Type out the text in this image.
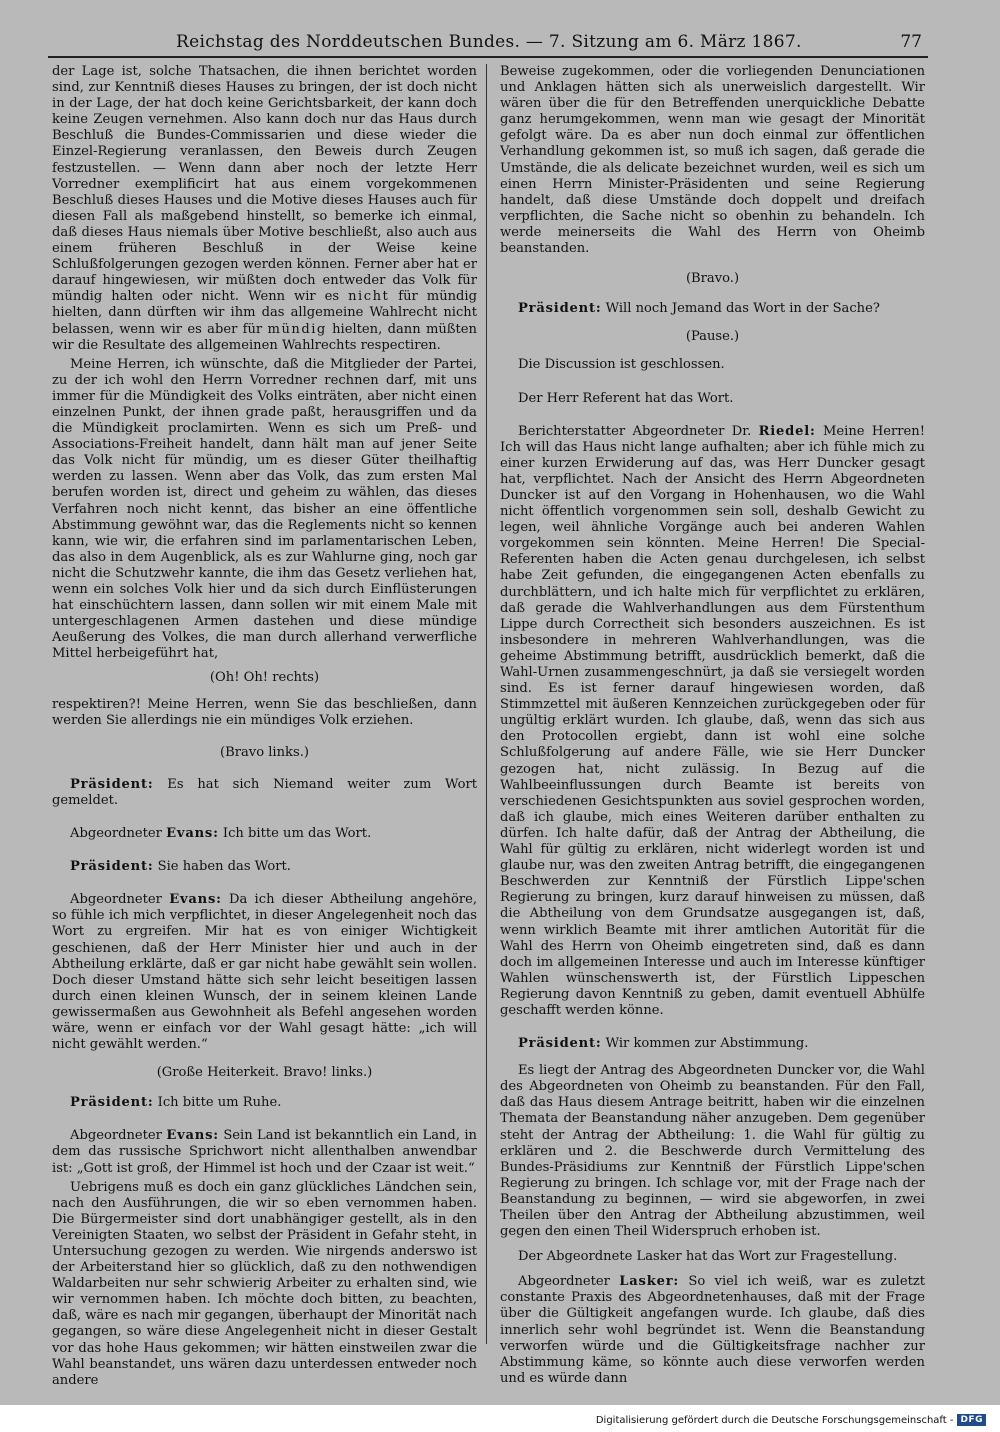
Reichstag des Norddeutschen Bundes. — 7. Sitzung am 6. März 1867.	77

der Lage ist, solche Thatsachen, die ihnen berichtet worden sind, zur Kenntniß dieses Hauses zu bringen, der ist doch nicht in der Lage, der hat doch keine Gerichtsbarkeit, der kann doch keine Zeugen vernehmen. Also kann doch nur das Haus durch Beschluß die Bundes-Commissarien und diese wieder die Einzel-Regierung veranlassen, den Beweis durch Zeugen festzustellen. — Wenn dann aber noch der letzte Herr Vorredner exemplificirt hat aus einem vorgekommenen Beschluß dieses Hauses und die Motive dieses Hauses auch für diesen Fall als maßgebend hinstellt, so bemerke ich einmal, daß dieses Haus niemals über Motive beschließt, also auch aus einem früheren Beschluß in der Weise keine Schlußfolgerungen gezogen werden können. Ferner aber hat er darauf hingewiesen, wir müßten doch entweder das Volk für mündig halten oder nicht. Wenn wir es nicht für mündig hielten, dann dürften wir ihm das allgemeine Wahlrecht nicht belassen, wenn wir es aber für mündig hielten, dann müßten wir die Resultate des allgemeinen Wahlrechts respectiren.

Meine Herren, ich wünschte, daß die Mitglieder der Partei, zu der ich wohl den Herrn Vorredner rechnen darf, mit uns immer für die Mündigkeit des Volks einträten, aber nicht einen einzelnen Punkt, der ihnen grade paßt, herausgriffen und da die Mündigkeit proclamirten. Wenn es sich um Preß- und Associations-Freiheit handelt, dann hält man auf jener Seite das Volk nicht für mündig, um es dieser Güter theilhaftig werden zu lassen. Wenn aber das Volk, das zum ersten Mal berufen worden ist, direct und geheim zu wählen, das dieses Verfahren noch nicht kennt, das bisher an eine öffentliche Abstimmung gewöhnt war, das die Reglements nicht so kennen kann, wie wir, die erfahren sind im parlamentarischen Leben, das also in dem Augenblick, als es zur Wahlurne ging, noch gar nicht die Schutzwehr kannte, die ihm das Gesetz verliehen hat, wenn ein solches Volk hier und da sich durch Einflüsterungen hat einschüchtern lassen, dann sollen wir mit einem Male mit untergeschlagenen Armen dastehen und diese mündige Aeußerung des Volkes, die man durch allerhand verwerfliche Mittel herbeigeführt hat,

(Oh! Oh! rechts)

respektiren?! Meine Herren, wenn Sie das beschließen, dann werden Sie allerdings nie ein mündiges Volk erziehen.

(Bravo links.)

Präsident: Es hat sich Niemand weiter zum Wort gemeldet.

Abgeordneter Evans: Ich bitte um das Wort.

Präsident: Sie haben das Wort.

Abgeordneter Evans: Da ich dieser Abtheilung angehöre, so fühle ich mich verpflichtet, in dieser Angelegenheit noch das Wort zu ergreifen. Mir hat es von einiger Wichtigkeit geschienen, daß der Herr Minister hier und auch in der Abtheilung erklärte, daß er gar nicht habe gewählt sein wollen. Doch dieser Umstand hätte sich sehr leicht beseitigen lassen durch einen kleinen Wunsch, der in seinem kleinen Lande gewissermaßen aus Gewohnheit als Befehl angesehen worden wäre, wenn er einfach vor der Wahl gesagt hätte: „ich will nicht gewählt werden.“

(Große Heiterkeit. Bravo! links.)

Präsident: Ich bitte um Ruhe.

Abgeordneter Evans: Sein Land ist bekanntlich ein Land, in dem das russische Sprichwort nicht allenthalben anwendbar ist: „Gott ist groß, der Himmel ist hoch und der Czaar ist weit.“

Uebrigens muß es doch ein ganz glückliches Ländchen sein, nach den Ausführungen, die wir so eben vernommen haben. Die Bürgermeister sind dort unabhängiger gestellt, als in den Vereinigten Staaten, wo selbst der Präsident in Gefahr steht, in Untersuchung gezogen zu werden. Wie nirgends anderswo ist der Arbeiterstand hier so glücklich, daß zu den nothwendigen Waldarbeiten nur sehr schwierig Arbeiter zu erhalten sind, wie wir vernommen haben. Ich möchte doch bitten, zu beachten, daß, wäre es nach mir gegangen, überhaupt der Minorität nach gegangen, so wäre diese Angelegenheit nicht in dieser Gestalt vor das hohe Haus gekommen; wir hätten einstweilen zwar die Wahl beanstandet, uns wären dazu unterdessen entweder noch andere

Beweise zugekommen, oder die vorliegenden Denunciationen und Anklagen hätten sich als unerweislich dargestellt. Wir wären über die für den Betreffenden unerquickliche Debatte ganz herumgekommen, wenn man wie gesagt der Minorität gefolgt wäre. Da es aber nun doch einmal zur öffentlichen Verhandlung gekommen ist, so muß ich sagen, daß gerade die Umstände, die als delicate bezeichnet wurden, weil es sich um einen Herrn Minister-Präsidenten und seine Regierung handelt, daß diese Umstände doch doppelt und dreifach verpflichten, die Sache nicht so obenhin zu behandeln. Ich werde meinerseits die Wahl des Herrn von Oheimb beanstanden.

(Bravo.)

Präsident: Will noch Jemand das Wort in der Sache?

(Pause.)

Die Discussion ist geschlossen.

Der Herr Referent hat das Wort.

Berichterstatter Abgeordneter Dr. Riedel: Meine Herren! Ich will das Haus nicht lange aufhalten; aber ich fühle mich zu einer kurzen Erwiderung auf das, was Herr Duncker gesagt hat, verpflichtet. Nach der Ansicht des Herrn Abgeordneten Duncker ist auf den Vorgang in Hohenhausen, wo die Wahl nicht öffentlich vorgenommen sein soll, deshalb Gewicht zu legen, weil ähnliche Vorgänge auch bei anderen Wahlen vorgekommen sein könnten. Meine Herren! Die Special-Referenten haben die Acten genau durchgelesen, ich selbst habe Zeit gefunden, die eingegangenen Acten ebenfalls zu durchblättern, und ich halte mich für verpflichtet zu erklären, daß gerade die Wahlverhandlungen aus dem Fürstenthum Lippe durch Correctheit sich besonders auszeichnen. Es ist insbesondere in mehreren Wahlverhandlungen, was die geheime Abstimmung betrifft, ausdrücklich bemerkt, daß die Wahl-Urnen zusammengeschnürt, ja daß sie versiegelt worden sind. Es ist ferner darauf hingewiesen worden, daß Stimmzettel mit äußeren Kennzeichen zurückgegeben oder für ungültig erklärt wurden. Ich glaube, daß, wenn das sich aus den Protocollen ergiebt, dann ist wohl eine solche Schlußfolgerung auf andere Fälle, wie sie Herr Duncker gezogen hat, nicht zulässig. In Bezug auf die Wahlbeeinflussungen durch Beamte ist bereits von verschiedenen Gesichtspunkten aus soviel gesprochen worden, daß ich glaube, mich eines Weiteren darüber enthalten zu dürfen. Ich halte dafür, daß der Antrag der Abtheilung, die Wahl für gültig zu erklären, nicht widerlegt worden ist und glaube nur, was den zweiten Antrag betrifft, die eingegangenen Beschwerden zur Kenntniß der Fürstlich Lippe'schen Regierung zu bringen, kurz darauf hinweisen zu müssen, daß die Abtheilung von dem Grundsatze ausgegangen ist, daß, wenn wirklich Beamte mit ihrer amtlichen Autorität für die Wahl des Herrn von Oheimb eingetreten sind, daß es dann doch im allgemeinen Interesse und auch im Interesse künftiger Wahlen wünschenswerth ist, der Fürstlich Lippeschen Regierung davon Kenntniß zu geben, damit eventuell Abhülfe geschafft werden könne.

Präsident: Wir kommen zur Abstimmung.

Es liegt der Antrag des Abgeordneten Duncker vor, die Wahl des Abgeordneten von Oheimb zu beanstanden. Für den Fall, daß das Haus diesem Antrage beitritt, haben wir die einzelnen Themata der Beanstandung näher anzugeben. Dem gegenüber steht der Antrag der Abtheilung: 1. die Wahl für gültig zu erklären und 2. die Beschwerde durch Vermittelung des Bundes-Präsidiums zur Kenntniß der Fürstlich Lippe'schen Regierung zu bringen. Ich schlage vor, mit der Frage nach der Beanstandung zu beginnen, — wird sie abgeworfen, in zwei Theilen über den Antrag der Abtheilung abzustimmen, weil gegen den einen Theil Widerspruch erhoben ist.

Der Abgeordnete Lasker hat das Wort zur Fragestellung.

Abgeordneter Lasker: So viel ich weiß, war es zuletzt constante Praxis des Abgeordnetenhauses, daß mit der Frage über die Gültigkeit angefangen wurde. Ich glaube, daß dies innerlich sehr wohl begründet ist. Wenn die Beanstandung verworfen würde und die Gültigkeitsfrage nachher zur Abstimmung käme, so könnte auch diese verworfen werden und es würde dann

Digitalisierung gefördert durch die Deutsche Forschungsgemeinschaft - DFG
